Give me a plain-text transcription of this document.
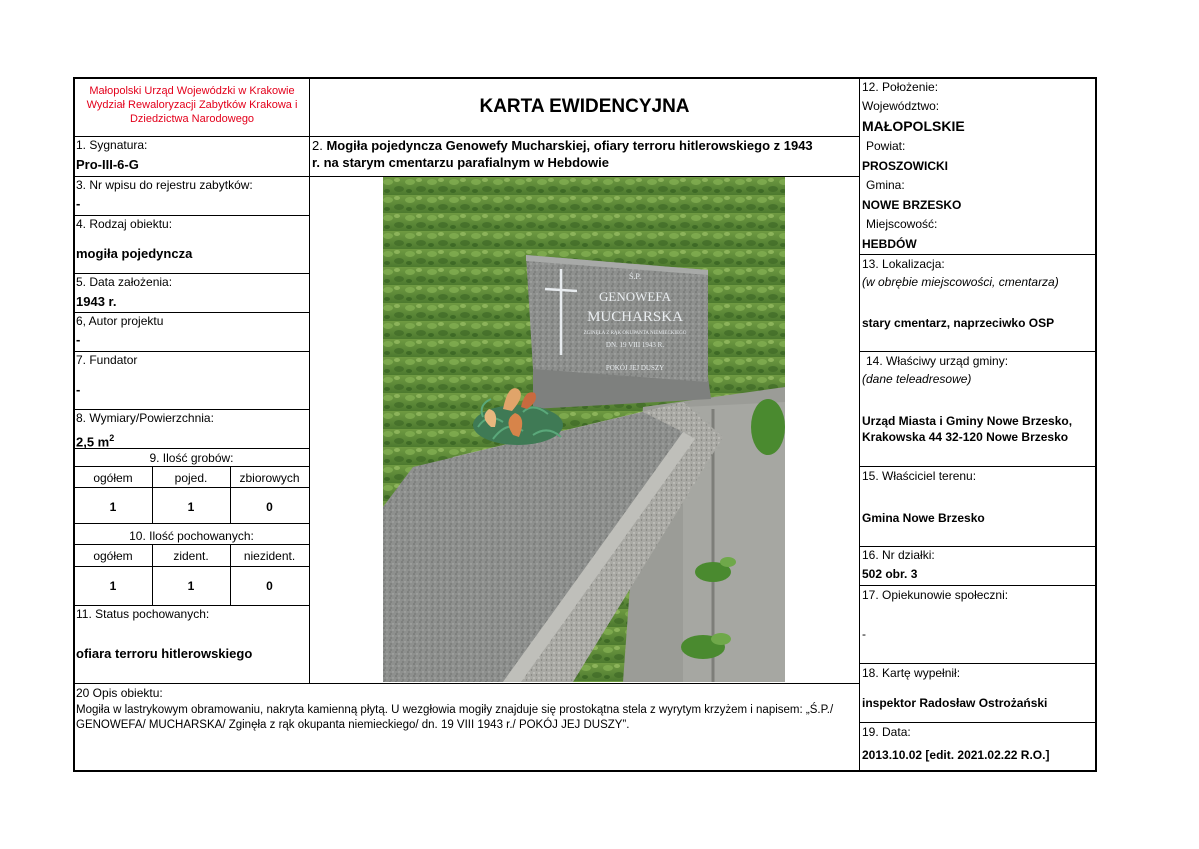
Małopolski Urząd Wojewódzki w Krakowie Wydział Rewaloryzacji Zabytków Krakowa i Dziedzictwa Narodowego
KARTA EWIDENCYJNA
2. Mogiła pojedyncza Genowefy Mucharskiej, ofiary terroru hitlerowskiego z 1943
r. na starym cmentarzu parafialnym w Hebdowie
1. Sygnatura:
Pro-III-6-G
3. Nr wpisu do rejestru zabytków:
-
4. Rodzaj obiektu:
mogiła pojedyncza
5. Data założenia:
1943 r.
6, Autor projektu
-
7. Fundator
-
8. Wymiary/Powierzchnia:
2,5 $m^2$
9. Ilość grobów:
ogółem	pojed.	zbiorowych
1	1	0
10. Ilość pochowanych:
ogółem	zident.	niezident.
1	1	0
11. Status pochowanych:
ofiara terroru hitlerowskiego
12. Położenie:
Województwo:
MAŁOPOLSKIE
Powiat:
PROSZOWICKI
Gmina:
NOWE BRZESKO
Miejscowość:
HEBDÓW
13. Lokalizacja:
(w obrębie miejscowości, cmentarza)
stary cmentarz, naprzeciwko OSP
14. Właściwy urząd gminy:
(dane teleadresowe)
Urząd Miasta i Gminy Nowe Brzesko,
Krakowska 44 32-120 Nowe Brzesko
15. Właściciel terenu:
Gmina Nowe Brzesko
16. Nr działki:
502 obr. 3
17. Opiekunowie społeczni:
-
18. Kartę wypełnił:
inspektor Radosław Ostrożański
19. Data:
2013.10.02 [edit. 2021.02.22 R.O.]
20 Opis obiektu:
Mogiła w lastrykowym obramowaniu, nakryta kamienną płytą. U wezgłowia mogiły znajduje się prostokątna stela z wyrytym krzyżem i napisem: „Ś.P./ GENOWEFA/ MUCHARSKA/ Zginęła z rąk okupanta niemieckiego/ dn. 19 VIII 1943 r./ POKÓJ JEJ DUSZY”.
Ś.P.
GENOWEFA
MUCHARSKA
ZGINĘŁA Z RĄK OKUPANTA NIEMIECKIEGO
DN. 19 VIII 1943 R.
POKÓJ JEJ DUSZY
